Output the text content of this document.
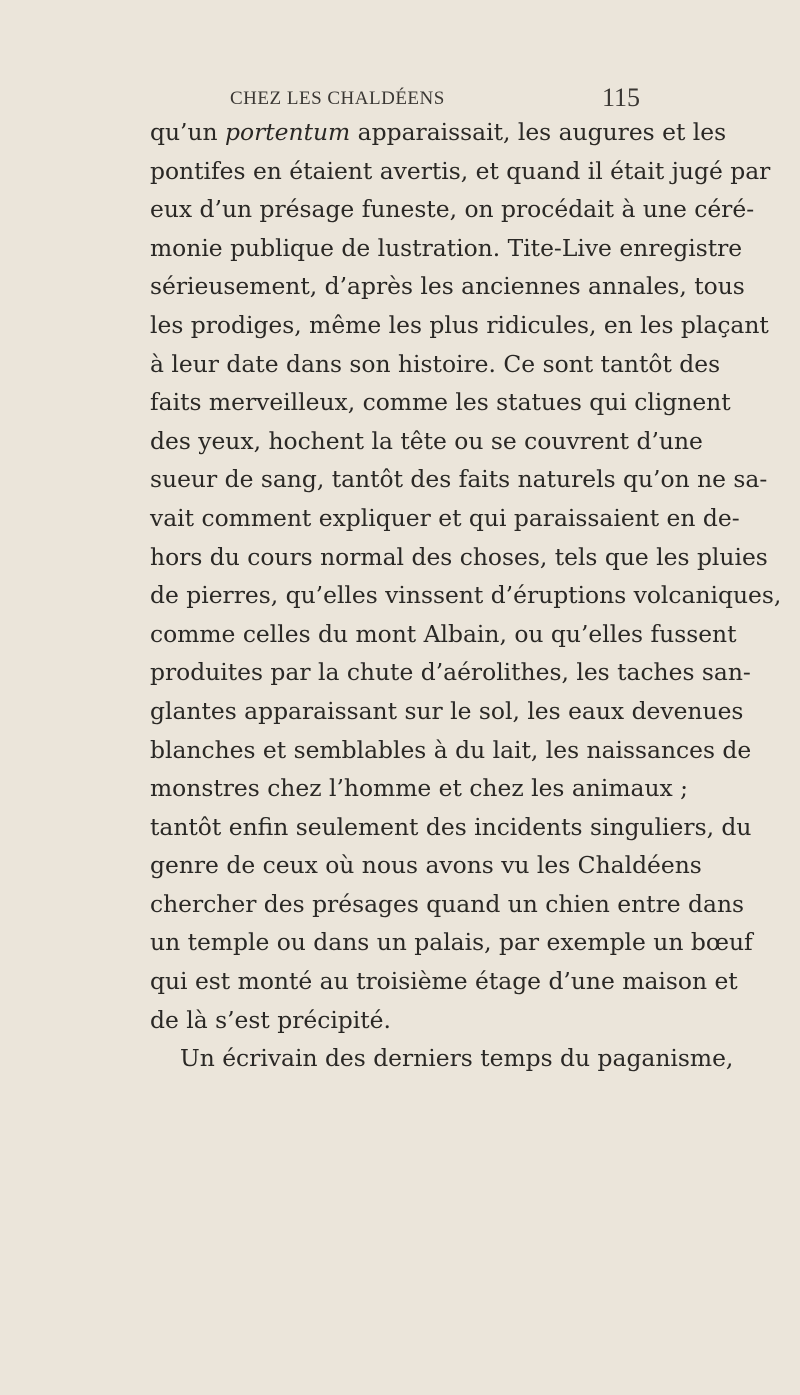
CHEZ LES CHALDÉENS	115
qu’un portentum apparaissait, les augures et les
pontifes en étaient avertis, et quand il était jugé par
eux d’un présage funeste, on procédait à une céré-
monie publique de lustration. Tite-Live enregistre
sérieusement, d’après les anciennes annales, tous
les prodiges, même les plus ridicules, en les plaçant
à leur date dans son histoire. Ce sont tantôt des
faits merveilleux, comme les statues qui clignent
des yeux, hochent la tête ou se couvrent d’une
sueur de sang, tantôt des faits naturels qu’on ne sa-
vait comment expliquer et qui paraissaient en de-
hors du cours normal des choses, tels que les pluies
de pierres, qu’elles vinssent d’éruptions volcaniques,
comme celles du mont Albain, ou qu’elles fussent
produites par la chute d’aérolithes, les taches san-
glantes apparaissant sur le sol, les eaux devenues
blanches et semblables à du lait, les naissances de
monstres chez l’homme et chez les animaux ;
tantôt enfin seulement des incidents singuliers, du
genre de ceux où nous avons vu les Chaldéens
chercher des présages quand un chien entre dans
un temple ou dans un palais, par exemple un bœuf
qui est monté au troisième étage d’une maison et
de là s’est précipité.
Un écrivain des derniers temps du paganisme,
